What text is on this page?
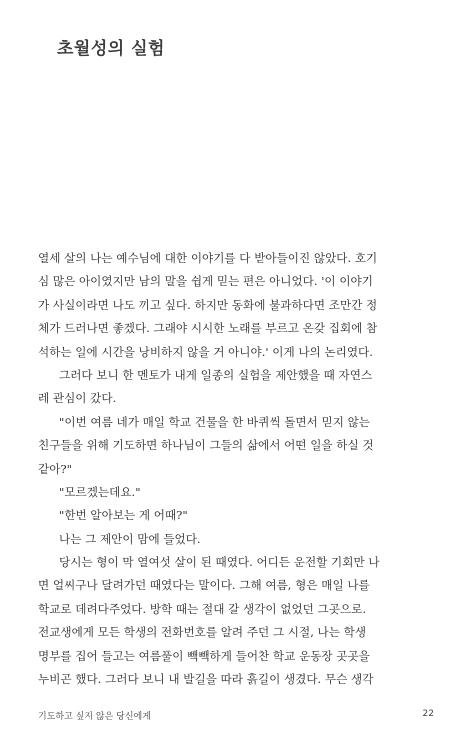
초월성의 실험
열세 살의 나는 예수님에 대한 이야기를 다 받아들이진 않았다. 호기
심 많은 아이였지만 남의 말을 쉽게 믿는 편은 아니었다. '이 이야기
가 사실이라면 나도 끼고 싶다. 하지만 동화에 불과하다면 조만간 정
체가 드러나면 좋겠다. 그래야 시시한 노래를 부르고 온갖 집회에 참
석하는 일에 시간을 낭비하지 않을 거 아니야.' 이게 나의 논리였다.
그러다 보니 한 멘토가 내게 일종의 실험을 제안했을 때 자연스
레 관심이 갔다.
"이번 여름 네가 매일 학교 건물을 한 바퀴씩 돌면서 믿지 않는
친구들을 위해 기도하면 하나님이 그들의 삶에서 어떤 일을 하실 것
같아?"
"모르겠는데요."
"한번 알아보는 게 어때?"
나는 그 제안이 맘에 들었다.
당시는 형이 막 열여섯 살이 된 때였다. 어디든 운전할 기회만 나
면 얼씨구나 달려가던 때였다는 말이다. 그해 여름, 형은 매일 나를
학교로 데려다주었다. 방학 때는 절대 갈 생각이 없었던 그곳으로.
전교생에게 모든 학생의 전화번호를 알려 주던 그 시절, 나는 학생
명부를 집어 들고는 여름풀이 빽빽하게 들어찬 학교 운동장 곳곳을
누비곤 했다. 그러다 보니 내 발길을 따라 흙길이 생겼다. 무슨 생각
기도하고 싶지 않은 당신에게	22
